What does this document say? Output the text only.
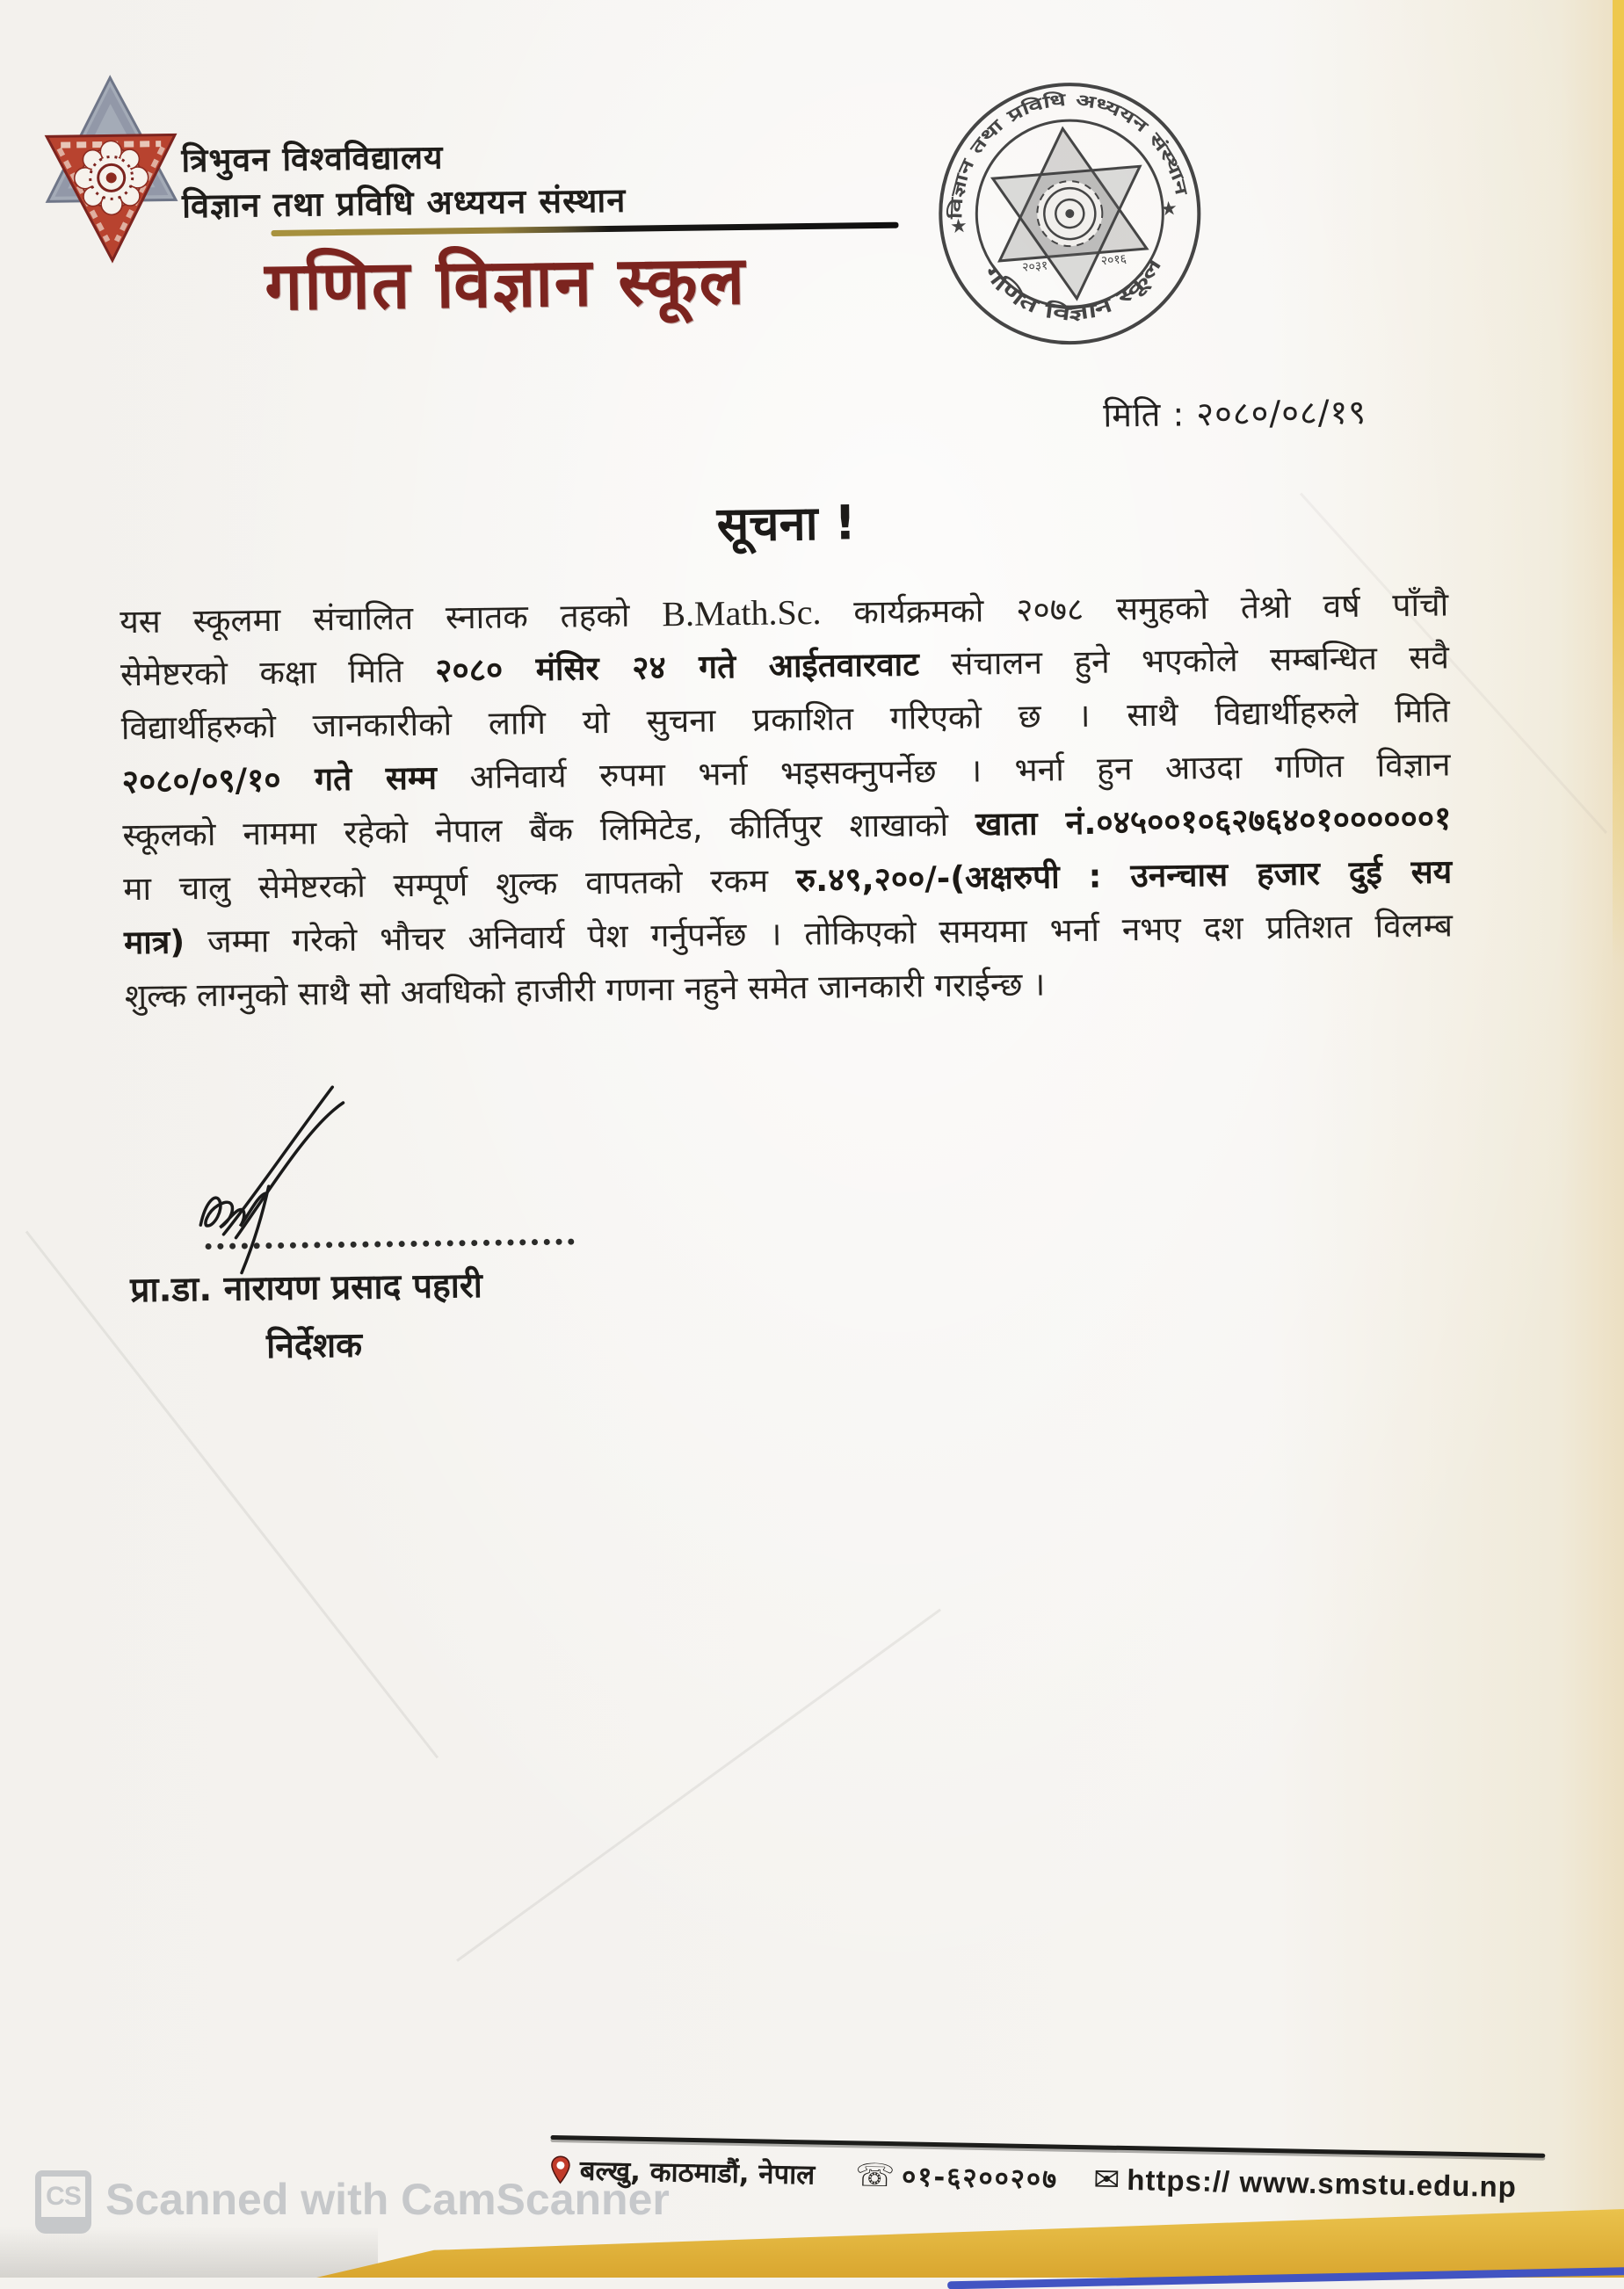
त्रिभुवन विश्वविद्यालय
विज्ञान तथा प्रविधि अध्ययन संस्थान
गणित विज्ञान स्कूल
विज्ञान तथा प्रविधि अध्ययन संस्थान
गणित विज्ञान स्कूल
★
★
२०३१	२०१६
मिति : २०८०/०८/१९
सूचना !
यस स्कूलमा संचालित स्नातक तहको B.Math.Sc. कार्यक्रमको २०७८ समुहको तेश्रो वर्ष पाँचौ
सेमेष्टरको कक्षा मिति २०८० मंसिर २४ गते आईतवारवाट संचालन हुने भएकोले सम्बन्धित सवै
विद्यार्थीहरुको जानकारीको लागि यो सुचना प्रकाशित गरिएको छ । साथै विद्यार्थीहरुले मिति
२०८०/०९/१० गते सम्म अनिवार्य रुपमा भर्ना भइसक्नुपर्नेछ । भर्ना हुन आउदा गणित विज्ञान
स्कूलको नाममा रहेको नेपाल बैंक लिमिटेड, कीर्तिपुर शाखाको खाता नं.०४५००१०६२७६४०१००००००१
मा चालु सेमेष्टरको सम्पूर्ण शुल्क वापतको रकम रु.४९,२००/-(अक्षरुपी : उनन्चास हजार दुई सय
मात्र) जम्मा गरेको भौचर अनिवार्य पेश गर्नुपर्नेछ । तोकिएको समयमा भर्ना नभए दश प्रतिशत विलम्ब
शुल्क लाग्नुको साथै सो अवधिको हाजीरी गणना नहुने समेत जानकारी गराईन्छ ।
प्रा.डा. नारायण प्रसाद पहारी
निर्देशक
बल्खु, काठमाडौं, नेपाल ☏ ०१-६२००२०७ ✉ https:// www.smstu.edu.np
CS Scanned with CamScanner
